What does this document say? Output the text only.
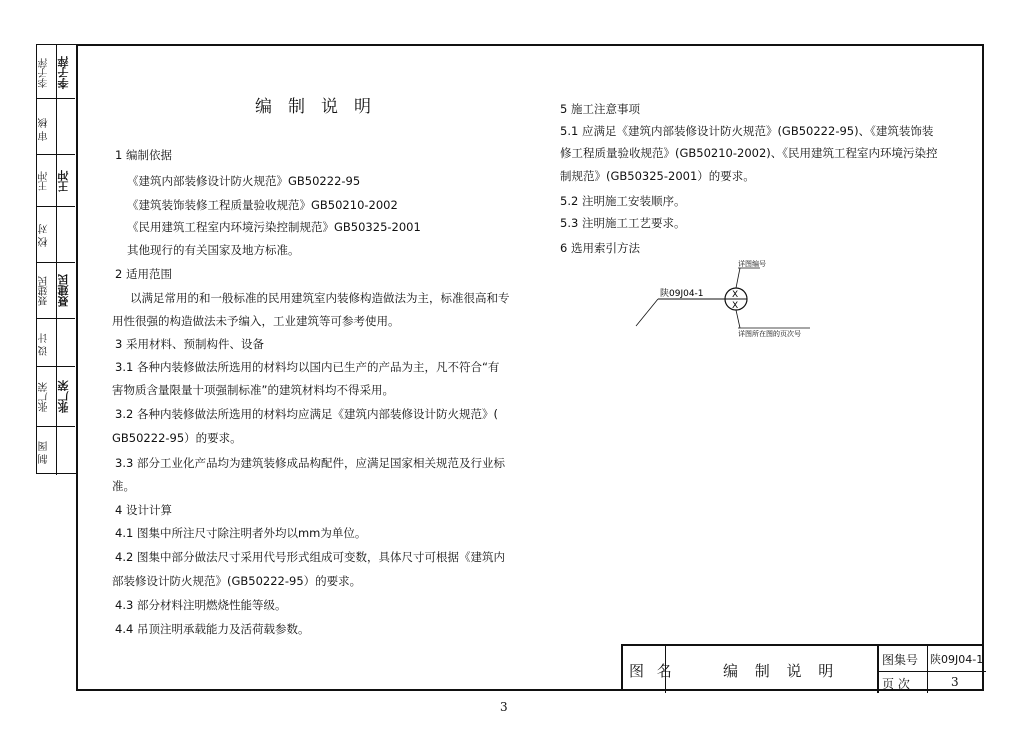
李子萍 李子萍
审 核
王冲 王冲
校 对
聂建民 聂建民
设 计
张广荣 张广荣
制 图
编制说明
1 编制依据
《建筑内部装修设计防火规范》GB50222-95
《建筑装饰装修工程质量验收规范》GB50210-2002
《民用建筑工程室内环境污染控制规范》GB50325-2001
其他现行的有关国家及地方标准。
2 适用范围
以满足常用的和一般标准的民用建筑室内装修构造做法为主，标准很高和专
用性很强的构造做法未予编入，工业建筑等可参考使用。
3 采用材料、预制构件、设备
3.1 各种内装修做法所选用的材料均以国内已生产的产品为主，凡不符合“有
害物质含量限量十项强制标准”的建筑材料均不得采用。
3.2 各种内装修做法所选用的材料均应满足《建筑内部装修设计防火规范》(
GB50222-95）的要求。
3.3 部分工业化产品均为建筑装修成品构配件，应满足国家相关规范及行业标
准。
4 设计计算
4.1 图集中所注尺寸除注明者外均以mm为单位。
4.2 图集中部分做法尺寸采用代号形式组成可变数，具体尺寸可根据《建筑内
部装修设计防火规范》(GB50222-95）的要求。
4.3 部分材料注明燃烧性能等级。
4.4 吊顶注明承载能力及活荷载参数。
5 施工注意事项
5.1 应满足《建筑内部装修设计防火规范》(GB50222-95)、《建筑装饰装
修工程质量验收规范》(GB50210-2002)、《民用建筑工程室内环境污染控
制规范》(GB50325-2001）的要求。
5.2 注明施工安装顺序。
5.3 注明施工工艺要求。
6 选用索引方法
详图编号
X
X
陕09J04-1
详图所在图的页次号
图 名	编 制 说 明
图集号 陕09J04-1
页 次	3
3
